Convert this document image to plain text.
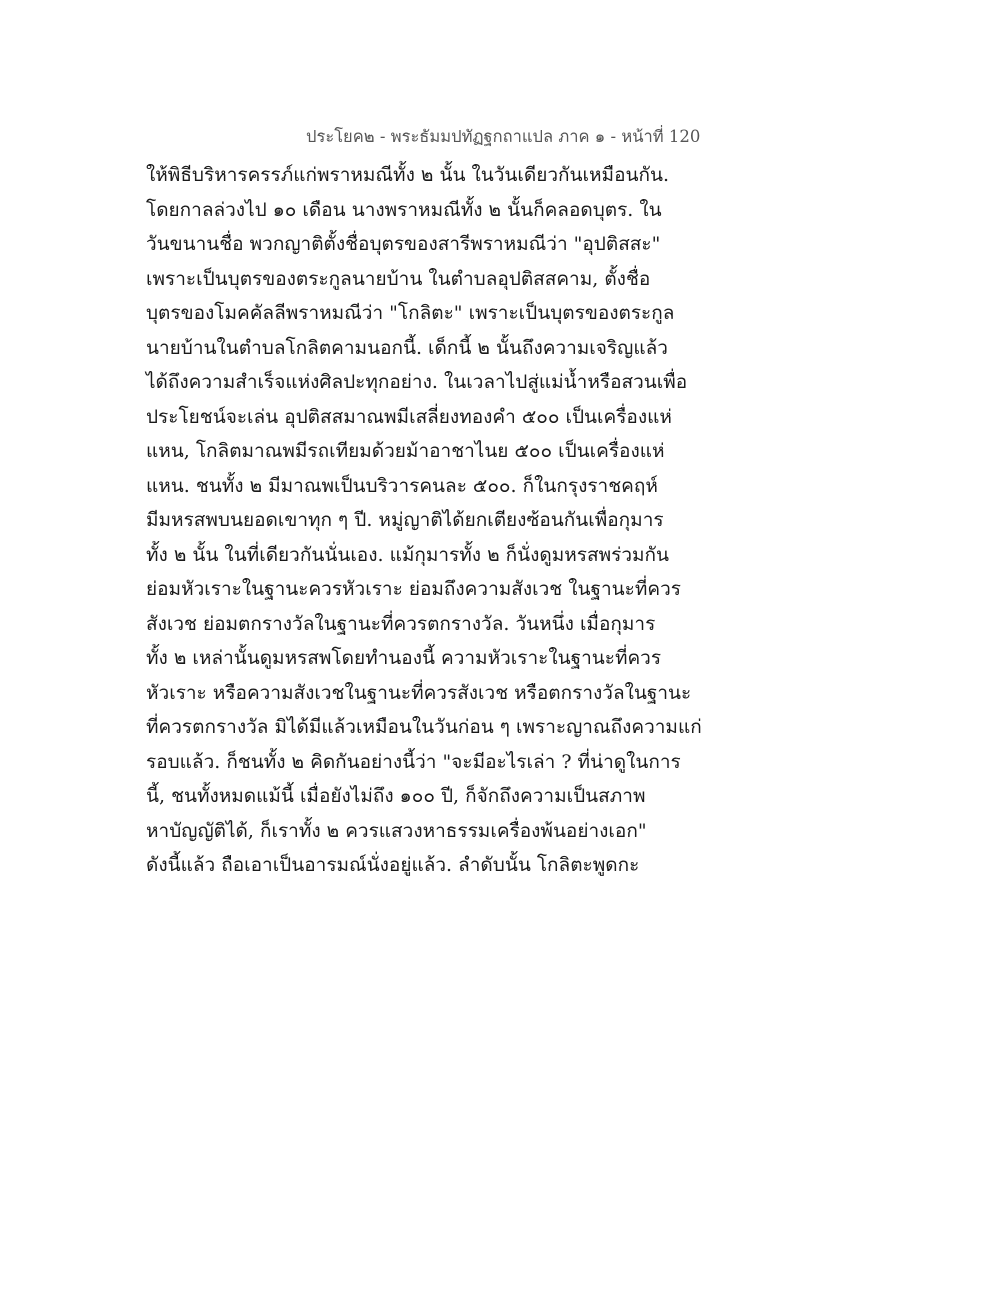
ประโยค๒ - พระธัมมปทัฏฐกถาแปล ภาค ๑ - หน้าที่ 120
ให้พิธีบริหารครรภ์แก่พราหมณีทั้ง ๒ นั้น ในวันเดียวกันเหมือนกัน.
โดยกาลล่วงไป ๑๐ เดือน นางพราหมณีทั้ง ๒ นั้นก็คลอดบุตร. ใน
วันขนานชื่อ พวกญาติตั้งชื่อบุตรของสารีพราหมณีว่า "อุปติสสะ"
เพราะเป็นบุตรของตระกูลนายบ้าน ในตำบลอุปติสสคาม, ตั้งชื่อ
บุตรของโมคคัลลีพราหมณีว่า "โกลิตะ" เพราะเป็นบุตรของตระกูล
นายบ้านในตำบลโกลิตคามนอกนี้. เด็กนี้ ๒ นั้นถึงความเจริญแล้ว
ได้ถึงความสำเร็จแห่งศิลปะทุกอย่าง. ในเวลาไปสู่แม่น้ำหรือสวนเพื่อ
ประโยชน์จะเล่น อุปติสสมาณพมีเสลี่ยงทองคำ ๕๐๐ เป็นเครื่องแห่
แหน, โกลิตมาณพมีรถเทียมด้วยม้าอาชาไนย ๕๐๐ เป็นเครื่องแห่
แหน. ชนทั้ง ๒ มีมาณพเป็นบริวารคนละ ๕๐๐. ก็ในกรุงราชคฤห์
มีมหรสพบนยอดเขาทุก ๆ ปี. หมู่ญาติได้ยกเตียงซ้อนกันเพื่อกุมาร
ทั้ง ๒ นั้น ในที่เดียวกันนั่นเอง. แม้กุมารทั้ง ๒ ก็นั่งดูมหรสพร่วมกัน
ย่อมหัวเราะในฐานะควรหัวเราะ ย่อมถึงความสังเวช ในฐานะที่ควร
สังเวช ย่อมตกรางวัลในฐานะที่ควรตกรางวัล. วันหนึ่ง เมื่อกุมาร
ทั้ง ๒ เหล่านั้นดูมหรสพโดยทำนองนี้ ความหัวเราะในฐานะที่ควร
หัวเราะ หรือความสังเวชในฐานะที่ควรสังเวช หรือตกรางวัลในฐานะ
ที่ควรตกรางวัล มิได้มีแล้วเหมือนในวันก่อน ๆ เพราะญาณถึงความแก่
รอบแล้ว. ก็ชนทั้ง ๒ คิดกันอย่างนี้ว่า "จะมีอะไรเล่า ? ที่น่าดูในการ
นี้, ชนทั้งหมดแม้นี้ เมื่อยังไม่ถึง ๑๐๐ ปี, ก็จักถึงความเป็นสภาพ
หาบัญญัติได้, ก็เราทั้ง ๒ ควรแสวงหาธรรมเครื่องพ้นอย่างเอก"
ดังนี้แล้ว ถือเอาเป็นอารมณ์นั่งอยู่แล้ว. ลำดับนั้น โกลิตะพูดกะ
